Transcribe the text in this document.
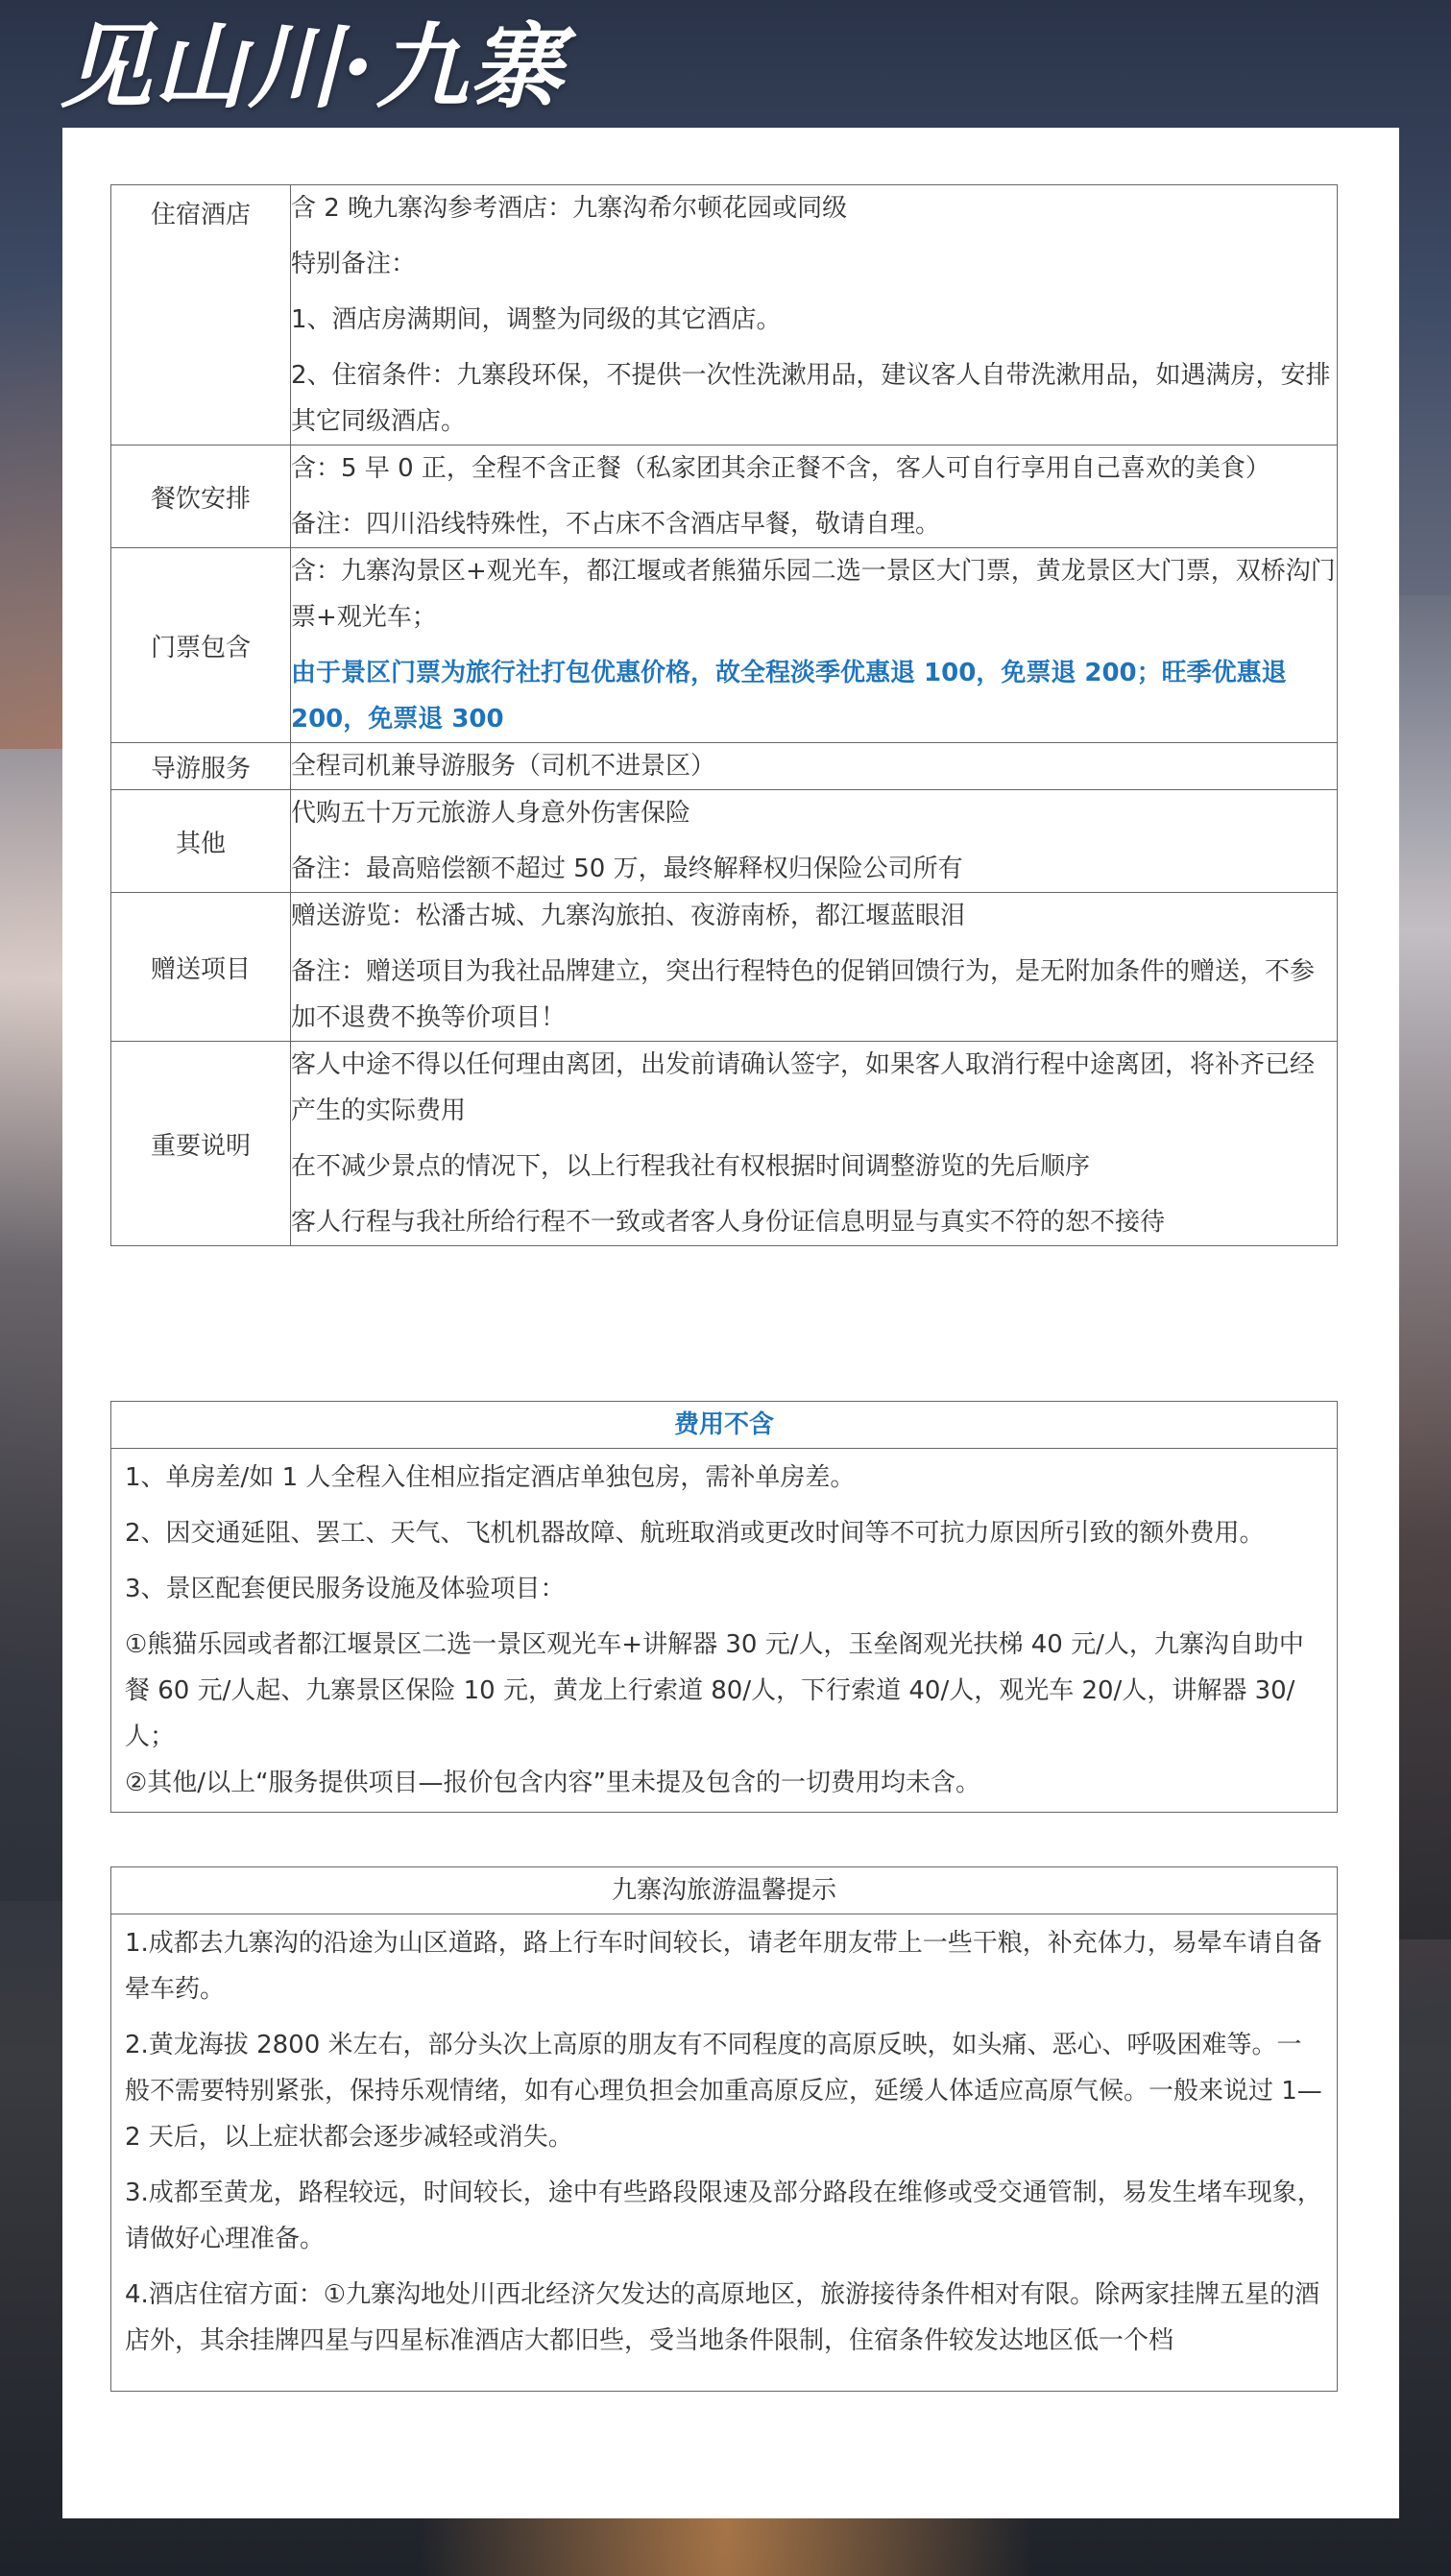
见山川·九寨
住宿酒店	含 2 晚九寨沟参考酒店：九寨沟希尔顿花园或同级
特别备注：
1、酒店房满期间，调整为同级的其它酒店。
2、住宿条件：九寨段环保，不提供一次性洗漱用品，建议客人自带洗漱用品，如遇满房，安排其它同级酒店。

餐饮安排	含：5 早 0 正，全程不含正餐（私家团其余正餐不含，客人可自行享用自己喜欢的美食）
备注：四川沿线特殊性，不占床不含酒店早餐，敬请自理。

门票包含	含：九寨沟景区+观光车，都江堰或者熊猫乐园二选一景区大门票，黄龙景区大门票，双桥沟门票+观光车；
由于景区门票为旅行社打包优惠价格，故全程淡季优惠退 100，免票退 200；旺季优惠退 200，免票退 300

导游服务	全程司机兼导游服务（司机不进景区）

其他	代购五十万元旅游人身意外伤害保险
备注：最高赔偿额不超过 50 万，最终解释权归保险公司所有

赠送项目	赠送游览：松潘古城、九寨沟旅拍、夜游南桥，都江堰蓝眼泪
备注：赠送项目为我社品牌建立，突出行程特色的促销回馈行为，是无附加条件的赠送，不参加不退费不换等价项目！

重要说明	客人中途不得以任何理由离团，出发前请确认签字，如果客人取消行程中途离团，将补齐已经产生的实际费用
在不减少景点的情况下，以上行程我社有权根据时间调整游览的先后顺序
客人行程与我社所给行程不一致或者客人身份证信息明显与真实不符的恕不接待
费用不含
1、单房差/如 1 人全程入住相应指定酒店单独包房，需补单房差。
2、因交通延阻、罢工、天气、飞机机器故障、航班取消或更改时间等不可抗力原因所引致的额外费用。
3、景区配套便民服务设施及体验项目：
①熊猫乐园或者都江堰景区二选一景区观光车+讲解器 30 元/人，玉垒阁观光扶梯 40 元/人，九寨沟自助中餐 60 元/人起、九寨景区保险 10 元，黄龙上行索道 80/人，下行索道 40/人，观光车 20/人，讲解器 30/人；
②其他/以上“服务提供项目—报价包含内容”里未提及包含的一切费用均未含。
九寨沟旅游温馨提示
1.成都去九寨沟的沿途为山区道路，路上行车时间较长，请老年朋友带上一些干粮，补充体力，易晕车请自备晕车药。
2.黄龙海拔 2800 米左右，部分头次上高原的朋友有不同程度的高原反映，如头痛、恶心、呼吸困难等。一般不需要特别紧张，保持乐观情绪，如有心理负担会加重高原反应，延缓人体适应高原气候。一般来说过 1—2 天后，以上症状都会逐步减轻或消失。
3.成都至黄龙，路程较远，时间较长，途中有些路段限速及部分路段在维修或受交通管制，易发生堵车现象，请做好心理准备。
4.酒店住宿方面：①九寨沟地处川西北经济欠发达的高原地区，旅游接待条件相对有限。除两家挂牌五星的酒店外，其余挂牌四星与四星标准酒店大都旧些，受当地条件限制，住宿条件较发达地区低一个档
